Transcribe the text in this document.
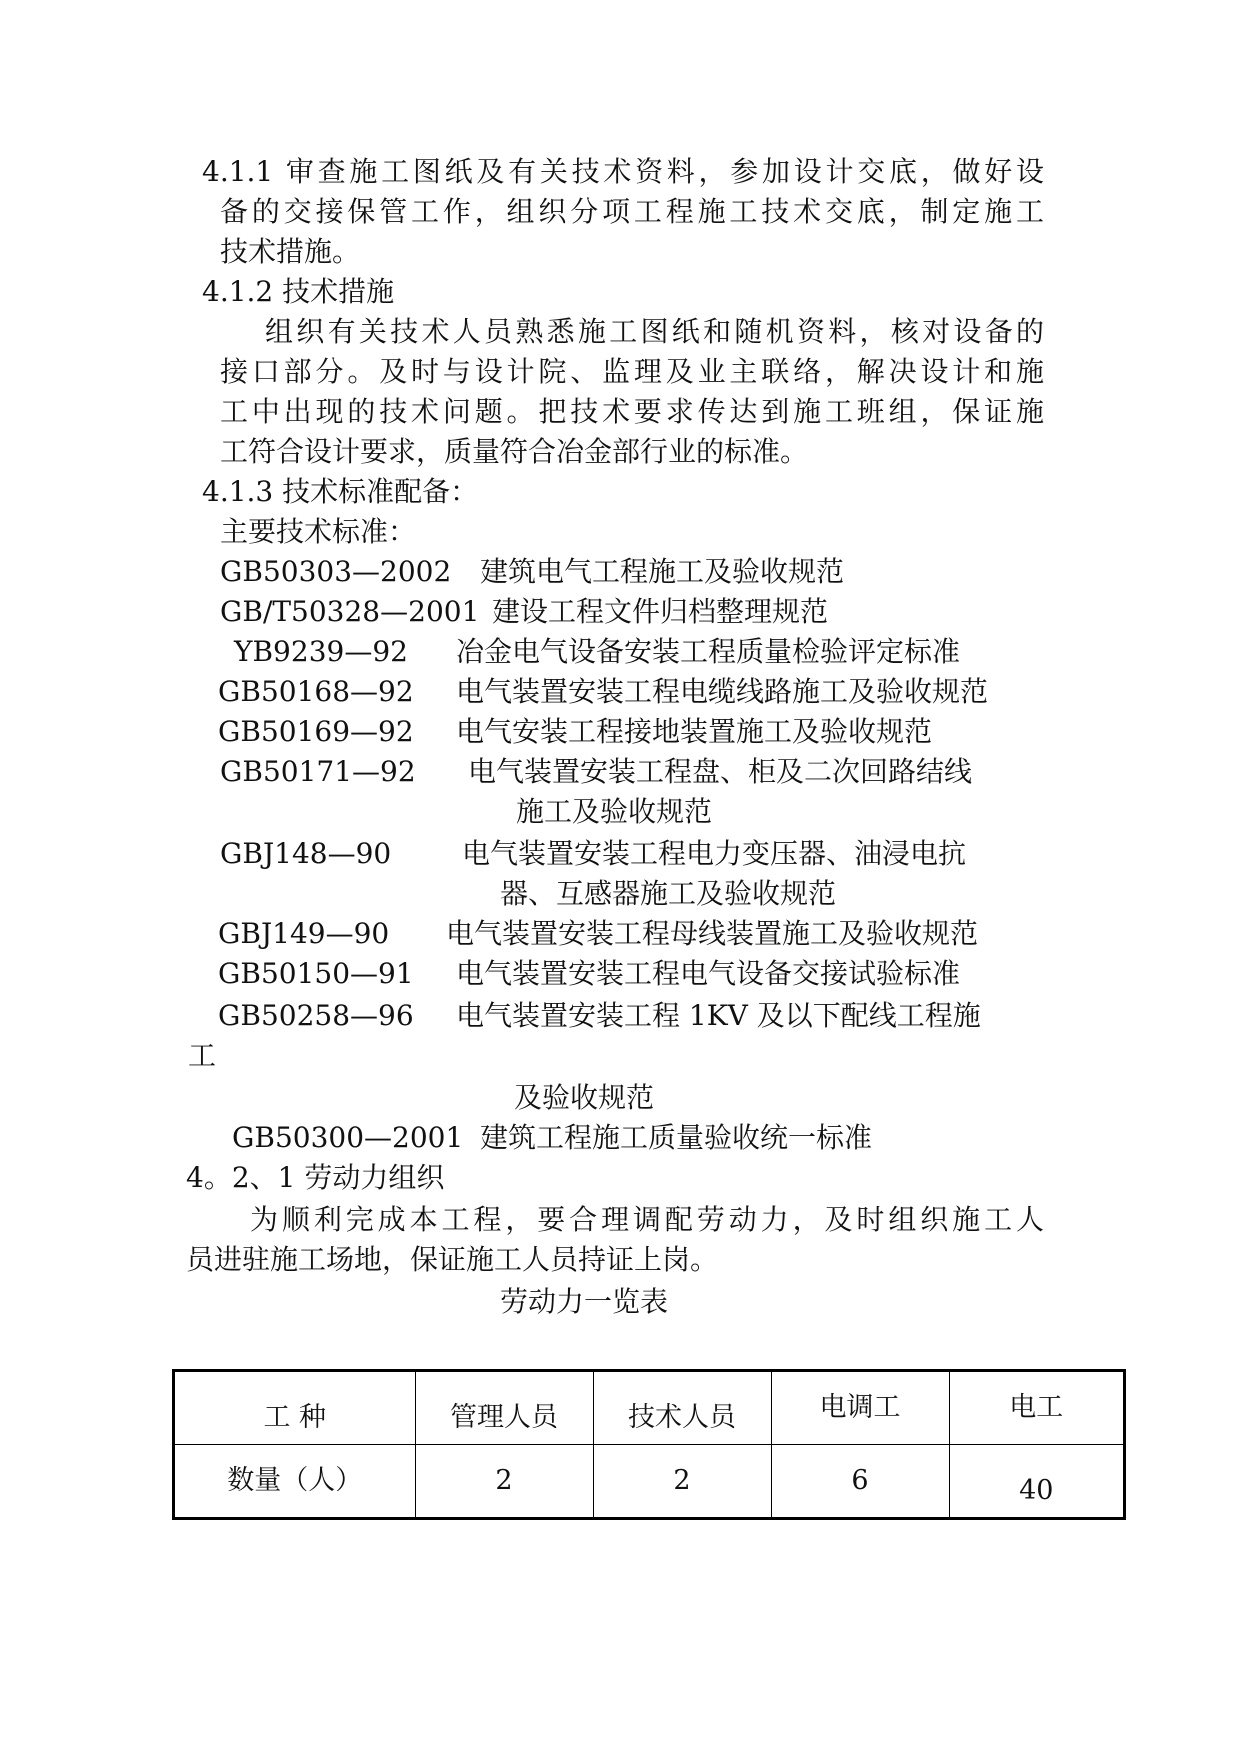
4.1.1 审查施工图纸及有关技术资料，参加设计交底，做好设
备的交接保管工作，组织分项工程施工技术交底，制定施工
技术措施。
4.1.2 技术措施
组织有关技术人员熟悉施工图纸和随机资料，核对设备的
接口部分。及时与设计院、监理及业主联络，解决设计和施
工中出现的技术问题。把技术要求传达到施工班组，保证施
工符合设计要求，质量符合冶金部行业的标准。
4.1.3 技术标准配备：
主要技术标准：
GB50303—2002 建筑电气工程施工及验收规范
GB/T50328—2001 建设工程文件归档整理规范
YB9239—92 冶金电气设备安装工程质量检验评定标准
GB50168—92 电气装置安装工程电缆线路施工及验收规范
GB50169—92 电气安装工程接地装置施工及验收规范
GB50171—92 电气装置安装工程盘、柜及二次回路结线
施工及验收规范
GBJ148—90	电气装置安装工程电力变压器、油浸电抗
器、互感器施工及验收规范
GBJ149—90 电气装置安装工程母线装置施工及验收规范
GB50150—91 电气装置安装工程电气设备交接试验标准
GB50258—96 电气装置安装工程 1KV 及以下配线工程施
工
及验收规范
GB50300—2001 建筑工程施工质量验收统一标准
4。2、1 劳动力组织
为顺利完成本工程，要合理调配劳动力，及时组织施工人
员进驻施工场地，保证施工人员持证上岗。
劳动力一览表
工 种	管理人员	技术人员	电调工	电工
数量（人）	2	2	6	40
